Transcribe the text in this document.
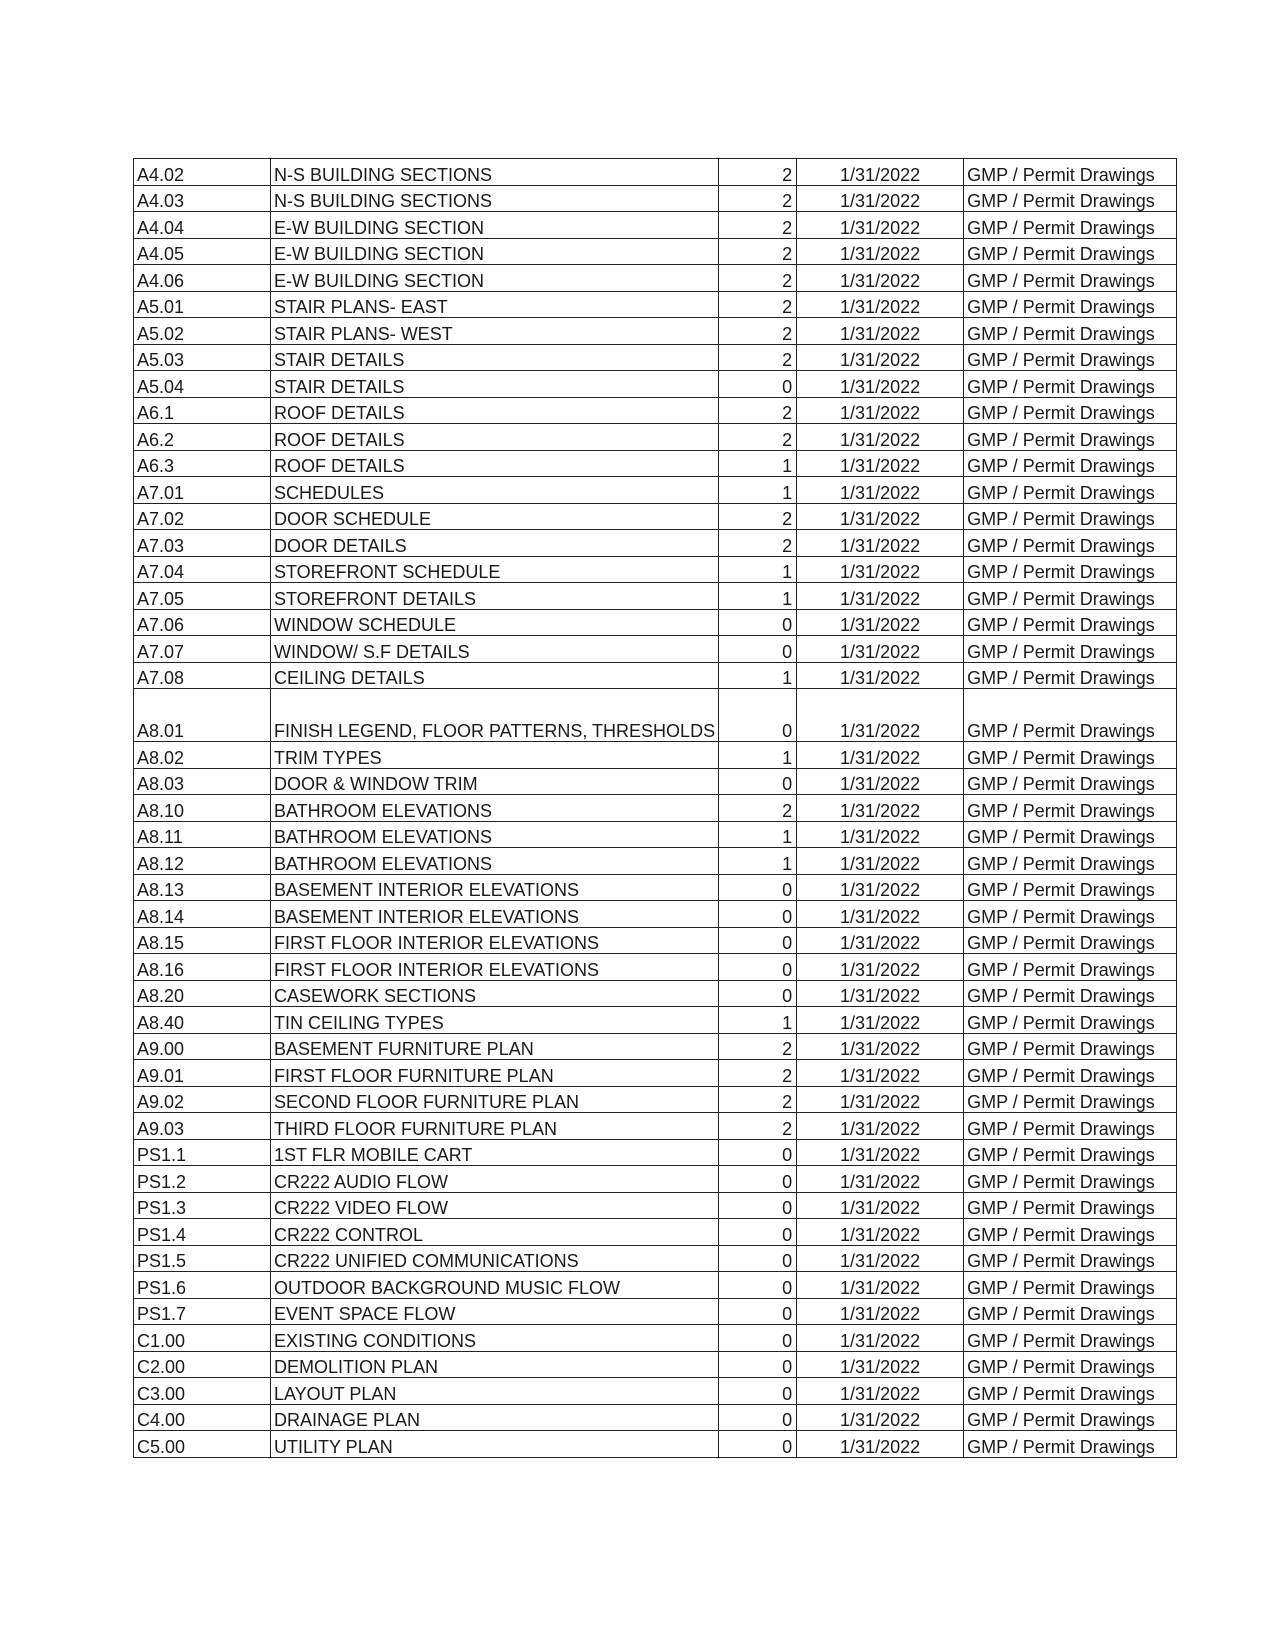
A4.02	N-S BUILDING SECTIONS	2	1/31/2022	GMP / Permit Drawings
A4.03	N-S BUILDING SECTIONS	2	1/31/2022	GMP / Permit Drawings
A4.04	E-W BUILDING SECTION	2	1/31/2022	GMP / Permit Drawings
A4.05	E-W BUILDING SECTION	2	1/31/2022	GMP / Permit Drawings
A4.06	E-W BUILDING SECTION	2	1/31/2022	GMP / Permit Drawings
A5.01	STAIR PLANS- EAST	2	1/31/2022	GMP / Permit Drawings
A5.02	STAIR PLANS- WEST	2	1/31/2022	GMP / Permit Drawings
A5.03	STAIR DETAILS	2	1/31/2022	GMP / Permit Drawings
A5.04	STAIR DETAILS	0	1/31/2022	GMP / Permit Drawings
A6.1	ROOF DETAILS	2	1/31/2022	GMP / Permit Drawings
A6.2	ROOF DETAILS	2	1/31/2022	GMP / Permit Drawings
A6.3	ROOF DETAILS	1	1/31/2022	GMP / Permit Drawings
A7.01	SCHEDULES	1	1/31/2022	GMP / Permit Drawings
A7.02	DOOR SCHEDULE	2	1/31/2022	GMP / Permit Drawings
A7.03	DOOR DETAILS	2	1/31/2022	GMP / Permit Drawings
A7.04	STOREFRONT SCHEDULE	1	1/31/2022	GMP / Permit Drawings
A7.05	STOREFRONT DETAILS	1	1/31/2022	GMP / Permit Drawings
A7.06	WINDOW SCHEDULE	0	1/31/2022	GMP / Permit Drawings
A7.07	WINDOW/ S.F DETAILS	0	1/31/2022	GMP / Permit Drawings
A7.08	CEILING DETAILS	1	1/31/2022	GMP / Permit Drawings
A8.01	FINISH LEGEND, FLOOR PATTERNS, THRESHOLDS	0	1/31/2022	GMP / Permit Drawings
A8.02	TRIM TYPES	1	1/31/2022	GMP / Permit Drawings
A8.03	DOOR & WINDOW TRIM	0	1/31/2022	GMP / Permit Drawings
A8.10	BATHROOM ELEVATIONS	2	1/31/2022	GMP / Permit Drawings
A8.11	BATHROOM ELEVATIONS	1	1/31/2022	GMP / Permit Drawings
A8.12	BATHROOM ELEVATIONS	1	1/31/2022	GMP / Permit Drawings
A8.13	BASEMENT INTERIOR ELEVATIONS	0	1/31/2022	GMP / Permit Drawings
A8.14	BASEMENT INTERIOR ELEVATIONS	0	1/31/2022	GMP / Permit Drawings
A8.15	FIRST FLOOR INTERIOR ELEVATIONS	0	1/31/2022	GMP / Permit Drawings
A8.16	FIRST FLOOR INTERIOR ELEVATIONS	0	1/31/2022	GMP / Permit Drawings
A8.20	CASEWORK SECTIONS	0	1/31/2022	GMP / Permit Drawings
A8.40	TIN CEILING TYPES	1	1/31/2022	GMP / Permit Drawings
A9.00	BASEMENT FURNITURE PLAN	2	1/31/2022	GMP / Permit Drawings
A9.01	FIRST FLOOR FURNITURE PLAN	2	1/31/2022	GMP / Permit Drawings
A9.02	SECOND FLOOR FURNITURE PLAN	2	1/31/2022	GMP / Permit Drawings
A9.03	THIRD FLOOR FURNITURE PLAN	2	1/31/2022	GMP / Permit Drawings
PS1.1	1ST FLR MOBILE CART	0	1/31/2022	GMP / Permit Drawings
PS1.2	CR222 AUDIO FLOW	0	1/31/2022	GMP / Permit Drawings
PS1.3	CR222 VIDEO FLOW	0	1/31/2022	GMP / Permit Drawings
PS1.4	CR222 CONTROL	0	1/31/2022	GMP / Permit Drawings
PS1.5	CR222 UNIFIED COMMUNICATIONS	0	1/31/2022	GMP / Permit Drawings
PS1.6	OUTDOOR BACKGROUND MUSIC FLOW	0	1/31/2022	GMP / Permit Drawings
PS1.7	EVENT SPACE FLOW	0	1/31/2022	GMP / Permit Drawings
C1.00	EXISTING CONDITIONS	0	1/31/2022	GMP / Permit Drawings
C2.00	DEMOLITION PLAN	0	1/31/2022	GMP / Permit Drawings
C3.00	LAYOUT PLAN	0	1/31/2022	GMP / Permit Drawings
C4.00	DRAINAGE PLAN	0	1/31/2022	GMP / Permit Drawings
C5.00	UTILITY PLAN	0	1/31/2022	GMP / Permit Drawings
